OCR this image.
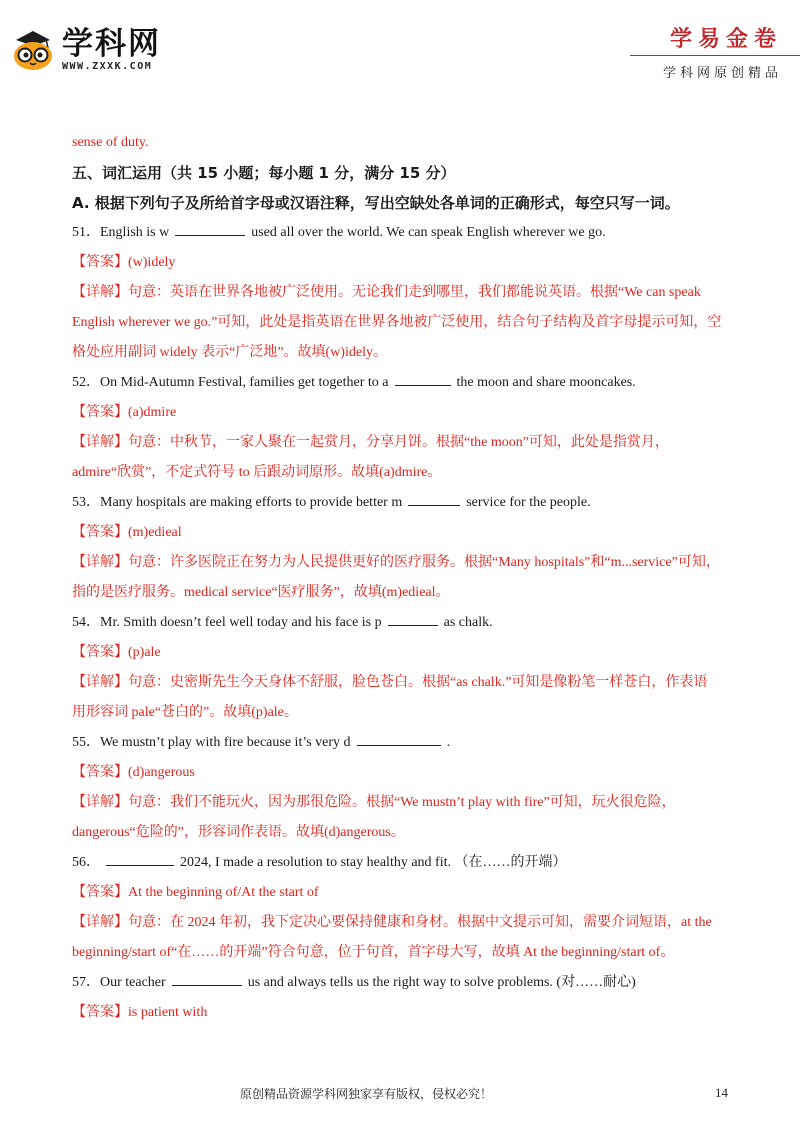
学科网
WWW.ZXXK.COM
学易金卷
学科网原创精品
sense of duty.
五、词汇运用（共 15 小题；每小题 1 分，满分 15 分）
A. 根据下列句子及所给首字母或汉语注释，写出空缺处各单词的正确形式，每空只写一词。
51．English is w	used all over the world. We can speak English wherever we go.
【答案】(w)idely
【详解】句意：英语在世界各地被广泛使用。无论我们走到哪里，我们都能说英语。根据“We can speak
English wherever we go.”可知，此处是指英语在世界各地被广泛使用，结合句子结构及首字母提示可知，空
格处应用副词 widely 表示“广泛地”。故填(w)idely。
52．On Mid-Autumn Festival, families get together to a	the moon and share mooncakes.
【答案】(a)dmire
【详解】句意：中秋节，一家人聚在一起赏月，分享月饼。根据“the moon”可知，此处是指赏月，
admire“欣赏”，不定式符号 to 后跟动词原形。故填(a)dmire。
53．Many hospitals are making efforts to provide better m	service for the people.
【答案】(m)edieal
【详解】句意：许多医院正在努力为人民提供更好的医疗服务。根据“Many hospitals”和“m...service”可知，
指的是医疗服务。medical service“医疗服务”，故填(m)edieal。
54．Mr. Smith doesn’t feel well today and his face is p	as chalk.
【答案】(p)ale
【详解】句意：史密斯先生今天身体不舒服，脸色苍白。根据“as chalk.”可知是像粉笔一样苍白，作表语
用形容词 pale“苍白的”。故填(p)ale。
55．We mustn’t play with fire because it’s very d	.
【答案】(d)angerous
【详解】句意：我们不能玩火，因为那很危险。根据“We mustn’t play with fire”可知，玩火很危险，
dangerous“危险的”，形容词作表语。故填(d)angerous。
56．	2024, I made a resolution to stay healthy and fit. （在……的开端）
【答案】At the beginning of/At the start of
【详解】句意：在 2024 年初，我下定决心要保持健康和身材。根据中文提示可知，需要介词短语，at the
beginning/start of“在……的开端”符合句意，位于句首，首字母大写，故填 At the beginning/start of。
57．Our teacher	us and always tells us the right way to solve problems. (对……耐心)
【答案】is patient with
原创精品资源学科网独家享有版权，侵权必究！	14
